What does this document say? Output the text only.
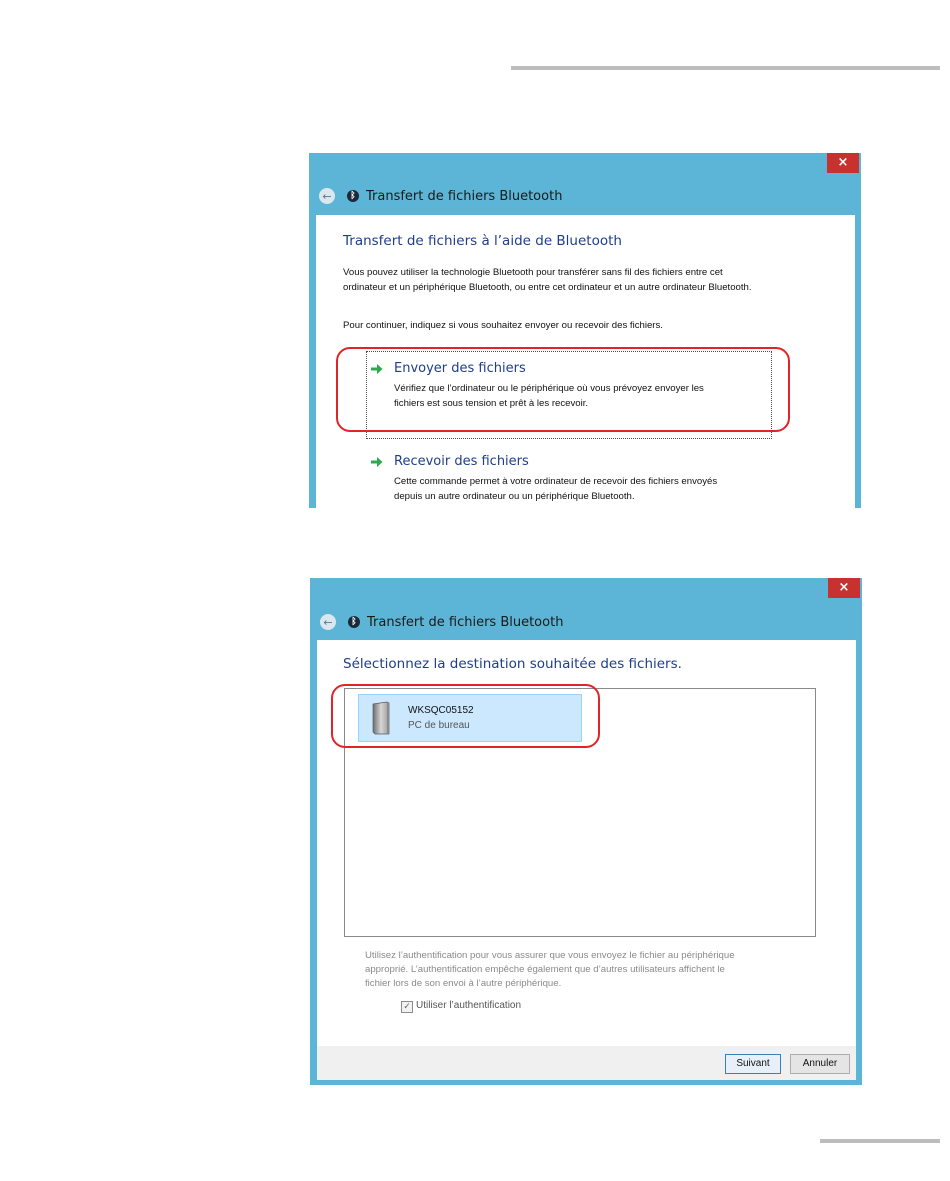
×
←	ᛒ Transfert de fichiers Bluetooth
Transfert de fichiers à l’aide de Bluetooth
Vous pouvez utiliser la technologie Bluetooth pour transférer sans fil des fichiers entre cet
ordinateur et un périphérique Bluetooth, ou entre cet ordinateur et un autre ordinateur Bluetooth.
Pour continuer, indiquez si vous souhaitez envoyer ou recevoir des fichiers.
Envoyer des fichiers
Vérifiez que l’ordinateur ou le périphérique où vous prévoyez envoyer les
fichiers est sous tension et prêt à les recevoir.
Recevoir des fichiers
Cette commande permet à votre ordinateur de recevoir des fichiers envoyés
depuis un autre ordinateur ou un périphérique Bluetooth.
×
←	ᛒ Transfert de fichiers Bluetooth
Sélectionnez la destination souhaitée des fichiers.
WKSQC05152
PC de bureau
Utilisez l’authentification pour vous assurer que vous envoyez le fichier au périphérique
approprié. L’authentification empêche également que d’autres utilisateurs affichent le
fichier lors de son envoi à l’autre périphérique.
✓ Utiliser l’authentification
Suivant	Annuler
